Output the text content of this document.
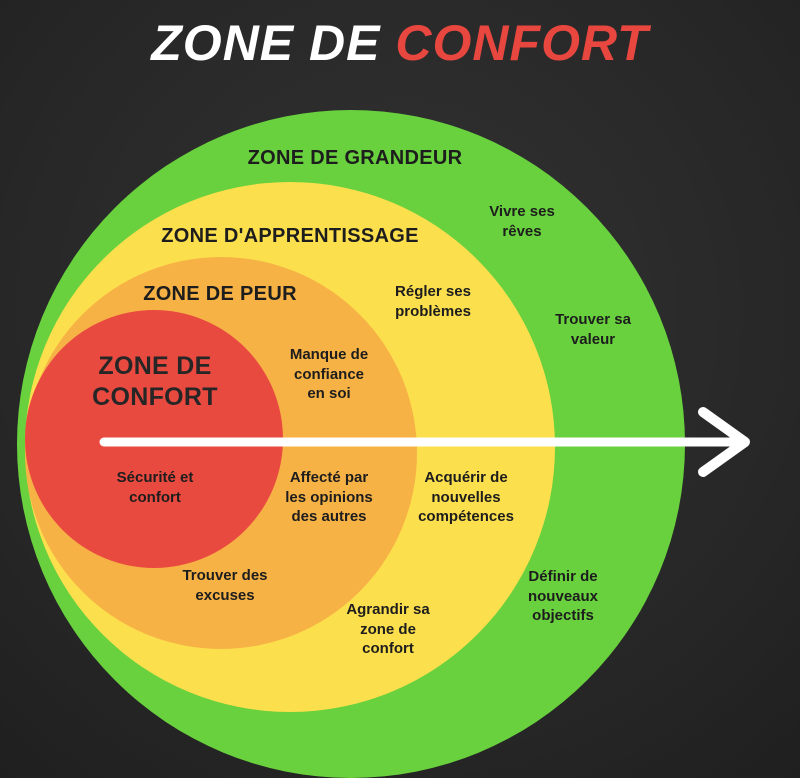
ZONE DE CONFORT
ZONE DE GRANDEUR
ZONE D'APPRENTISSAGE
ZONE DE PEUR
ZONE DE
CONFORT
Vivre ses
rêves
Trouver sa
valeur
Définir de
nouveaux
objectifs
Régler ses
problèmes
Acquérir de
nouvelles
compétences
Agrandir sa
zone de
confort
Manque de
confiance
en soi
Affecté par
les opinions
des autres
Trouver des
excuses
Sécurité et
confort
